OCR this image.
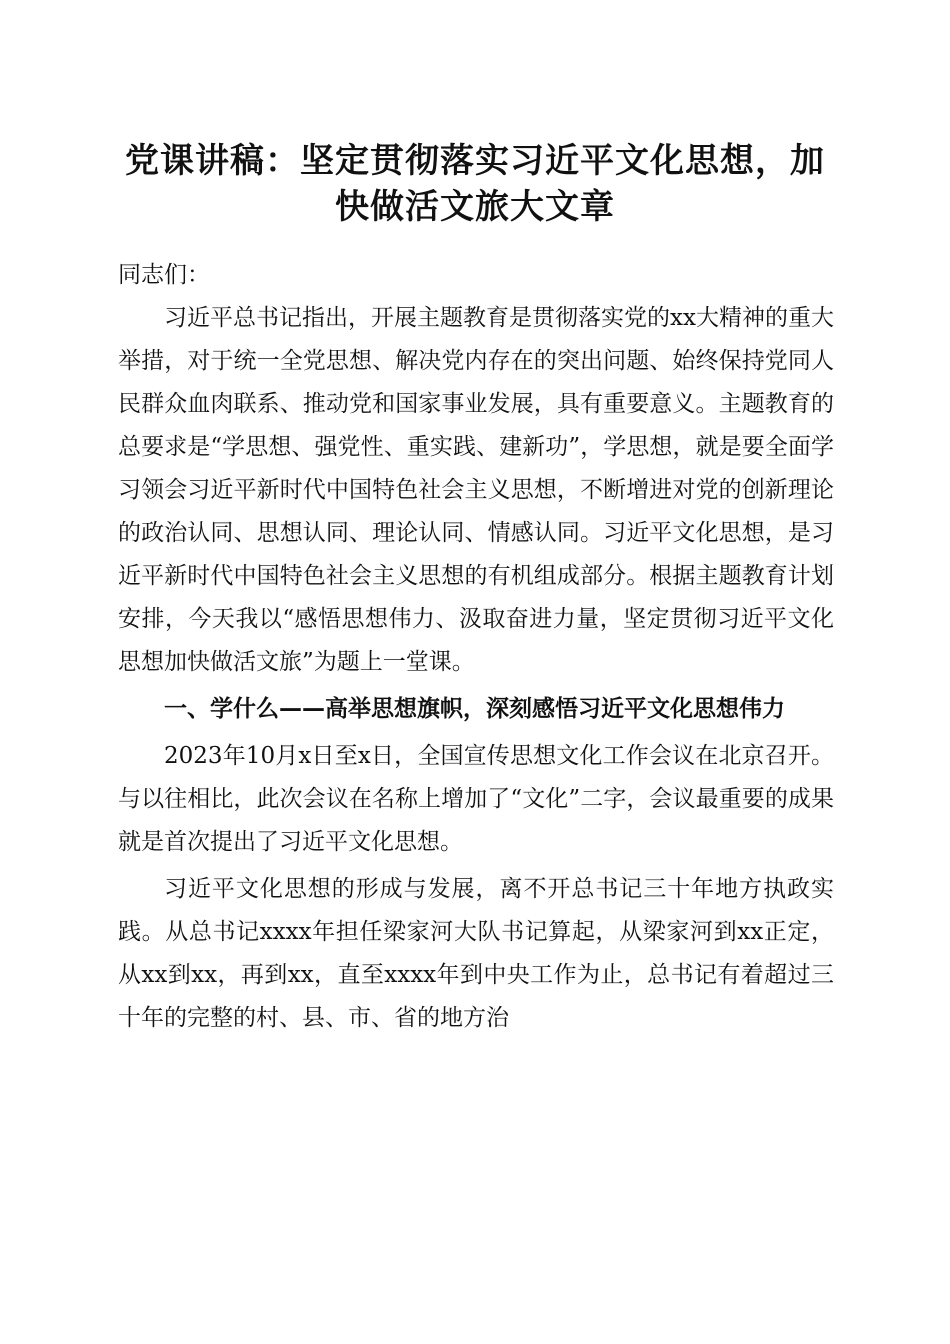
党课讲稿：坚定贯彻落实习近平文化思想，加
快做活文旅大文章

同志们：

习近平总书记指出，开展主题教育是贯彻落实党的xx大精神的重大举措，对于统一全党思想、解决党内存在的突出问题、始终保持党同人民群众血肉联系、推动党和国家事业发展，具有重要意义。主题教育的总要求是“学思想、强党性、重实践、建新功”，学思想，就是要全面学习领会习近平新时代中国特色社会主义思想，不断增进对党的创新理论的政治认同、思想认同、理论认同、情感认同。习近平文化思想，是习近平新时代中国特色社会主义思想的有机组成部分。根据主题教育计划安排，今天我以“感悟思想伟力、汲取奋进力量，坚定贯彻习近平文化思想加快做活文旅”为题上一堂课。

一、学什么——高举思想旗帜，深刻感悟习近平文化思想伟力

2023年10月x日至x日，全国宣传思想文化工作会议在北京召开。与以往相比，此次会议在名称上增加了“文化”二字，会议最重要的成果就是首次提出了习近平文化思想。

习近平文化思想的形成与发展，离不开总书记三十年地方执政实践。从总书记xxxx年担任梁家河大队书记算起，从梁家河到xx正定，从xx到xx，再到xx，直至xxxx年到中央工作为止，总书记有着超过三十年的完整的村、县、市、省的地方治
